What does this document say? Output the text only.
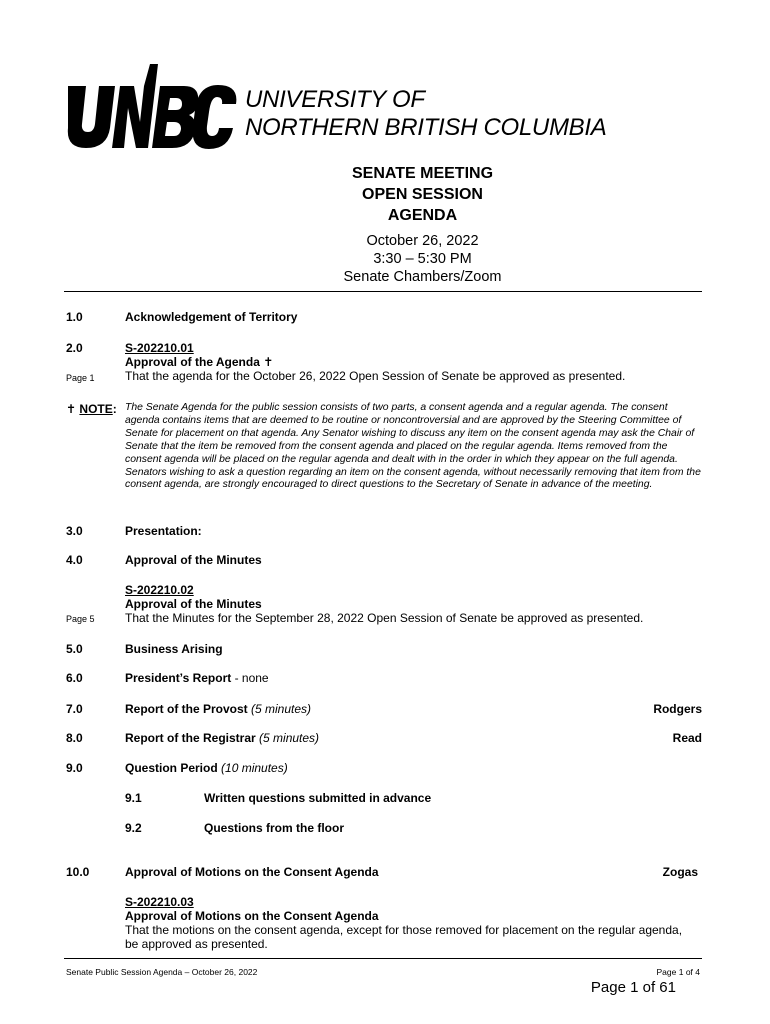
UNIVERSITY OF
NORTHERN BRITISH COLUMBIA
SENATE MEETING
OPEN SESSION
AGENDA
October 26, 2022
3:30 – 5:30 PM
Senate Chambers/Zoom
1.0	Acknowledgement of Territory
2.0	S-202210.01
Approval of the Agenda ✝
That the agenda for the October 26, 2022 Open Session of Senate be approved as presented.
Page 1
✝ NOTE: The Senate Agenda for the public session consists of two parts, a consent agenda and a regular agenda. The consent agenda contains items that are deemed to be routine or noncontroversial and are approved by the Steering Committee of Senate for placement on that agenda. Any Senator wishing to discuss any item on the consent agenda may ask the Chair of Senate that the item be removed from the consent agenda and placed on the regular agenda. Items removed from the consent agenda will be placed on the regular agenda and dealt with in the order in which they appear on the full agenda. Senators wishing to ask a question regarding an item on the consent agenda, without necessarily removing that item from the consent agenda, are strongly encouraged to direct questions to the Secretary of Senate in advance of the meeting.
3.0	Presentation:
4.0	Approval of the Minutes
S-202210.02
Approval of the Minutes
That the Minutes for the September 28, 2022 Open Session of Senate be approved as presented.
Page 5
5.0	Business Arising
6.0	President’s Report - none
7.0	Report of the Provost (5 minutes)	Rodgers
8.0	Report of the Registrar (5 minutes)	Read
9.0	Question Period (10 minutes)
9.1	Written questions submitted in advance
9.2	Questions from the floor
10.0	Approval of Motions on the Consent Agenda	Zogas
S-202210.03
Approval of Motions on the Consent Agenda
That the motions on the consent agenda, except for those removed for placement on the regular agenda, be approved as presented.
Senate Public Session Agenda – October 26, 2022	Page 1 of 4
Page 1 of 61
